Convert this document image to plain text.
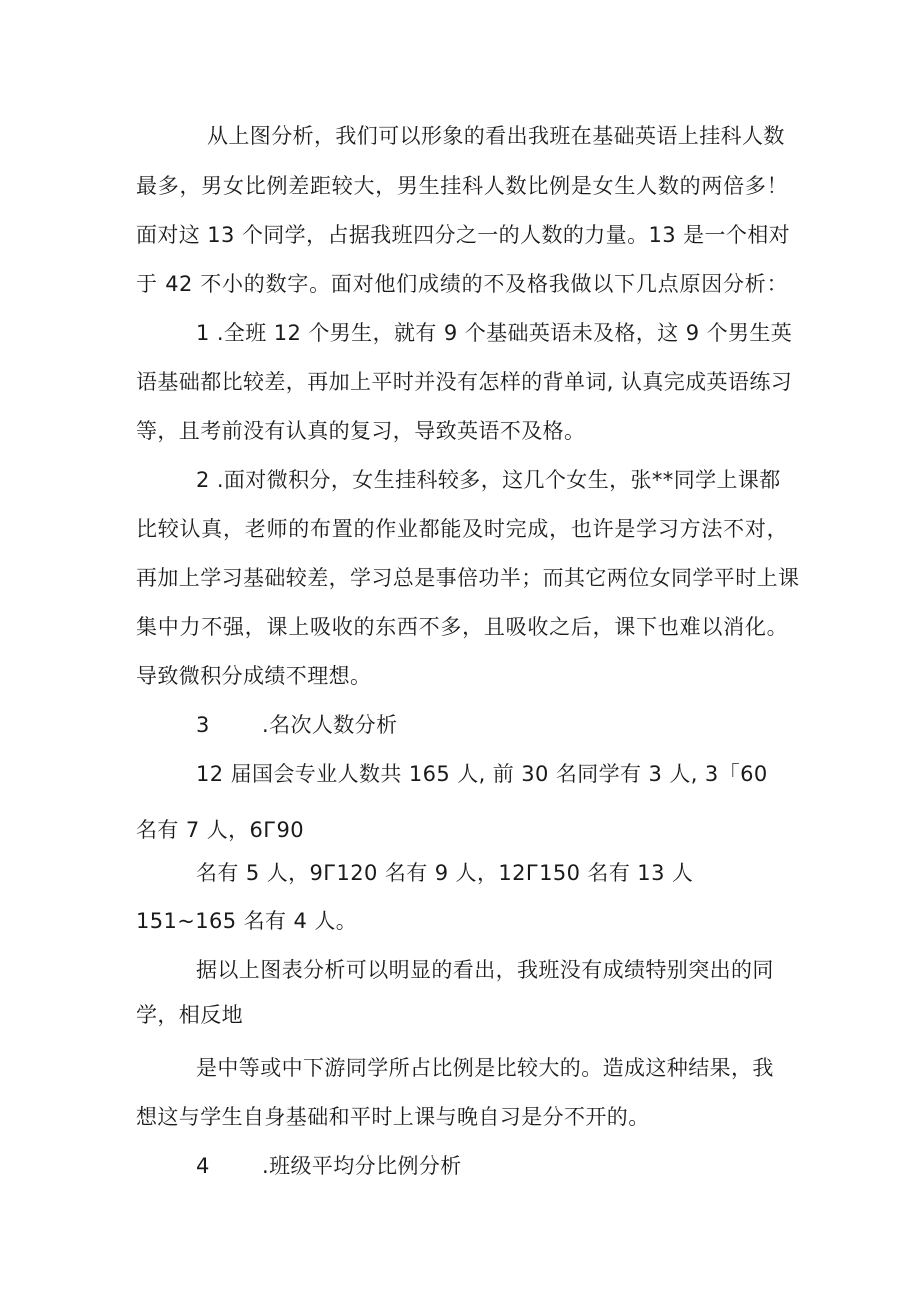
从上图分析，我们可以形象的看出我班在基础英语上挂科人数
最多，男女比例差距较大，男生挂科人数比例是女生人数的两倍多！
面对这 13 个同学，占据我班四分之一的人数的力量。13 是一个相对
于 42 不小的数字。面对他们成绩的不及格我做以下几点原因分析：
1 .全班 12 个男生，就有 9 个基础英语未及格，这 9 个男生英
语基础都比较差，再加上平时并没有怎样的背单词, 认真完成英语练习
等，且考前没有认真的复习，导致英语不及格。
2 .面对微积分，女生挂科较多，这几个女生，张**同学上课都
比较认真，老师的布置的作业都能及时完成，也许是学习方法不对，
再加上学习基础较差，学习总是事倍功半；而其它两位女同学平时上课
集中力不强，课上吸收的东西不多，且吸收之后，课下也难以消化。
导致微积分成绩不理想。
3 .名次人数分析
12 届国会专业人数共 165 人, 前 30 名同学有 3 人, 3「60
名有 7 人，6Г90
名有 5 人，9Г120 名有 9 人，12Г150 名有 13 人
151~165 名有 4 人。
据以上图表分析可以明显的看出，我班没有成绩特别突出的同
学，相反地
是中等或中下游同学所占比例是比较大的。造成这种结果，我
想这与学生自身基础和平时上课与晚自习是分不开的。
4 .班级平均分比例分析
